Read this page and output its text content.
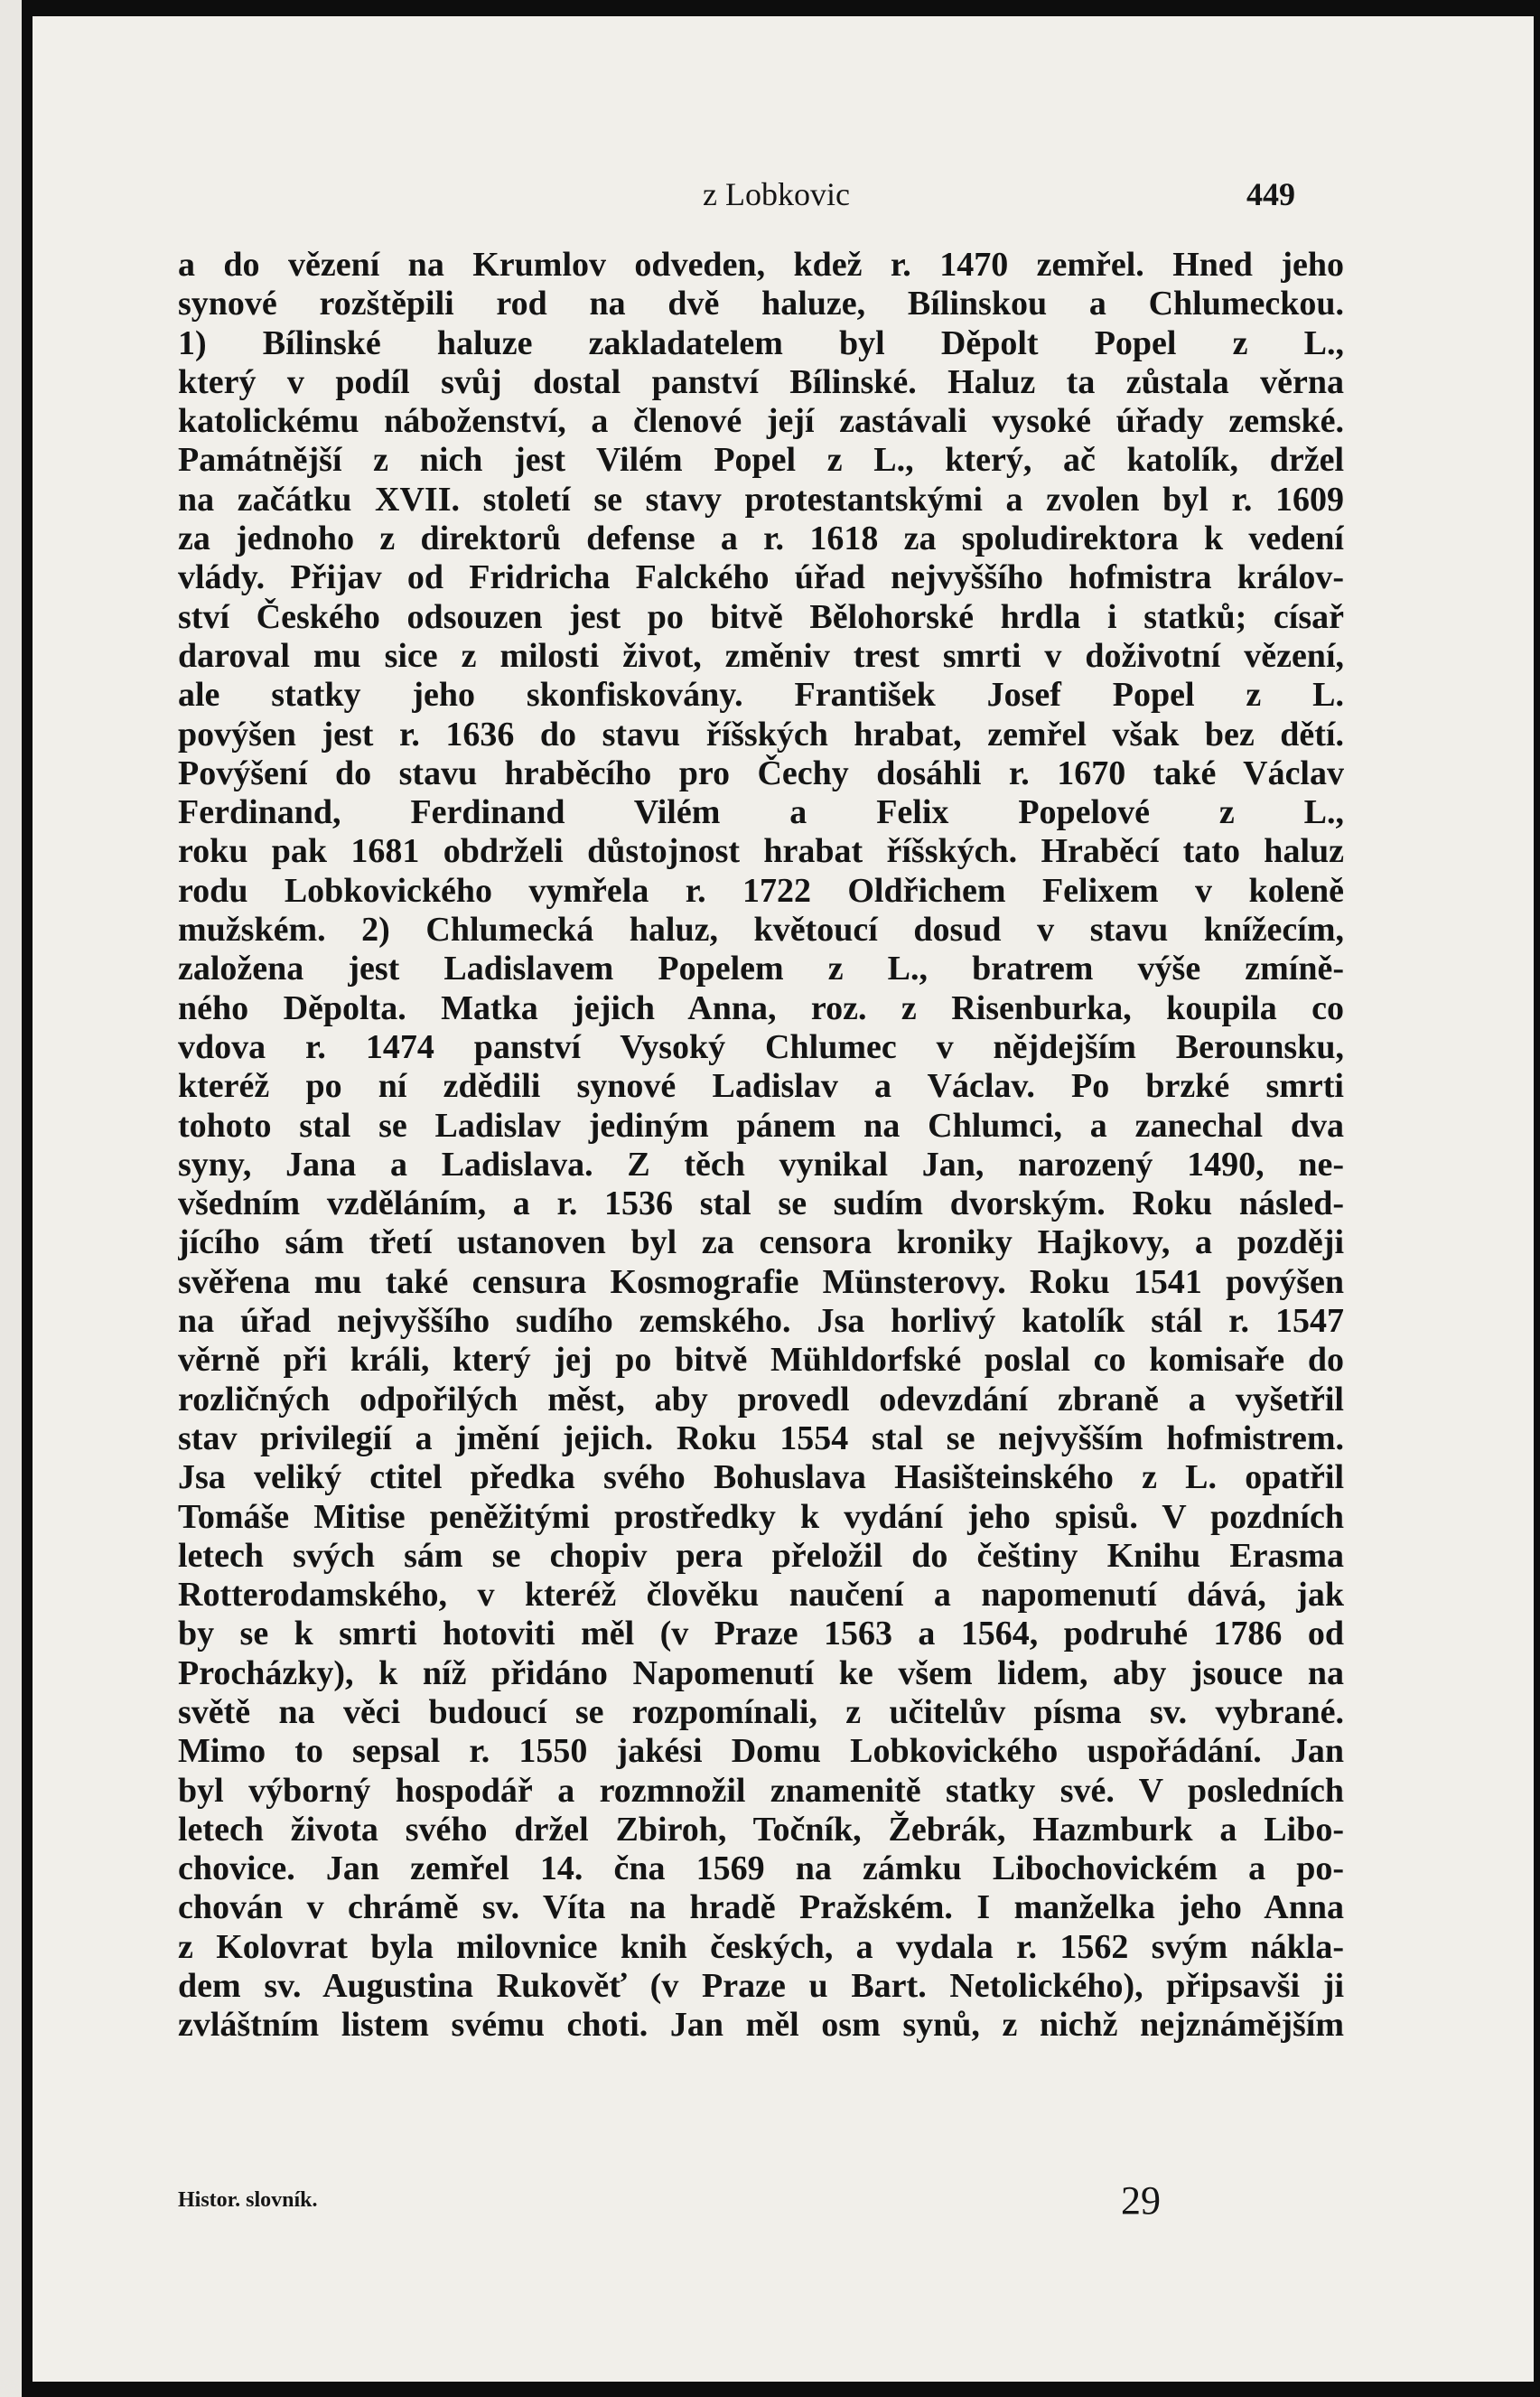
z Lobkovic	449
a do vězení na Krumlov odveden, kdež r. 1470 zemřel. Hned jeho
synové rozštěpili rod na dvě haluze, Bílinskou a Chlumeckou.
1) Bílinské haluze zakladatelem byl Děpolt Popel z L.,
který v podíl svůj dostal panství Bílinské. Haluz ta zůstala věrna
katolickému náboženství, a členové její zastávali vysoké úřady zemské.
Památnější z nich jest Vilém Popel z L., který, ač katolík, držel
na začátku XVII. století se stavy protestantskými a zvolen byl r. 1609
za jednoho z direktorů defense a r. 1618 za spoludirektora k vedení
vlády. Přijav od Fridricha Falckého úřad nejvyššího hofmistra králov-
ství Českého odsouzen jest po bitvě Bělohorské hrdla i statků; císař
daroval mu sice z milosti život, změniv trest smrti v doživotní vězení,
ale statky jeho skonfiskovány. František Josef Popel z L.
povýšen jest r. 1636 do stavu říšských hrabat, zemřel však bez dětí.
Povýšení do stavu hraběcího pro Čechy dosáhli r. 1670 také Václav
Ferdinand, Ferdinand Vilém a Felix Popelové z L.,
roku pak 1681 obdrželi důstojnost hrabat říšských. Hraběcí tato haluz
rodu Lobkovického vymřela r. 1722 Oldřichem Felixem v koleně
mužském. 2) Chlumecká haluz, květoucí dosud v stavu knížecím,
založena jest Ladislavem Popelem z L., bratrem výše zmíně-
ného Děpolta. Matka jejich Anna, roz. z Risenburka, koupila co
vdova r. 1474 panství Vysoký Chlumec v nějdejším Berounsku,
kteréž po ní zdědili synové Ladislav a Václav. Po brzké smrti
tohoto stal se Ladislav jediným pánem na Chlumci, a zanechal dva
syny, Jana a Ladislava. Z těch vynikal Jan, narozený 1490, ne-
všedním vzděláním, a r. 1536 stal se sudím dvorským. Roku násled-
jícího sám třetí ustanoven byl za censora kroniky Hajkovy, a později
svěřena mu také censura Kosmografie Münsterovy. Roku 1541 povýšen
na úřad nejvyššího sudího zemského. Jsa horlivý katolík stál r. 1547
věrně při králi, který jej po bitvě Mühldorfské poslal co komisaře do
rozličných odpořilých měst, aby provedl odevzdání zbraně a vyšetřil
stav privilegií a jmění jejich. Roku 1554 stal se nejvyšším hofmistrem.
Jsa veliký ctitel předka svého Bohuslava Hasišteinského z L. opatřil
Tomáše Mitise peněžitými prostředky k vydání jeho spisů. V pozdních
letech svých sám se chopiv pera přeložil do češtiny Knihu Erasma
Rotterodamského, v kteréž člověku naučení a napomenutí dává, jak
by se k smrti hotoviti měl (v Praze 1563 a 1564, podruhé 1786 od
Procházky), k níž přidáno Napomenutí ke všem lidem, aby jsouce na
světě na věci budoucí se rozpomínali, z učitelův písma sv. vybrané.
Mimo to sepsal r. 1550 jakési Domu Lobkovického uspořádání. Jan
byl výborný hospodář a rozmnožil znamenitě statky své. V posledních
letech života svého držel Zbiroh, Točník, Žebrák, Hazmburk a Libo-
chovice. Jan zemřel 14. čna 1569 na zámku Libochovickém a po-
chován v chrámě sv. Víta na hradě Pražském. I manželka jeho Anna
z Kolovrat byla milovnice knih českých, a vydala r. 1562 svým nákla-
dem sv. Augustina Rukověť (v Praze u Bart. Netolického), připsavši ji
zvláštním listem svému choti. Jan měl osm synů, z nichž nejznámějším
Histor. slovník.	29
